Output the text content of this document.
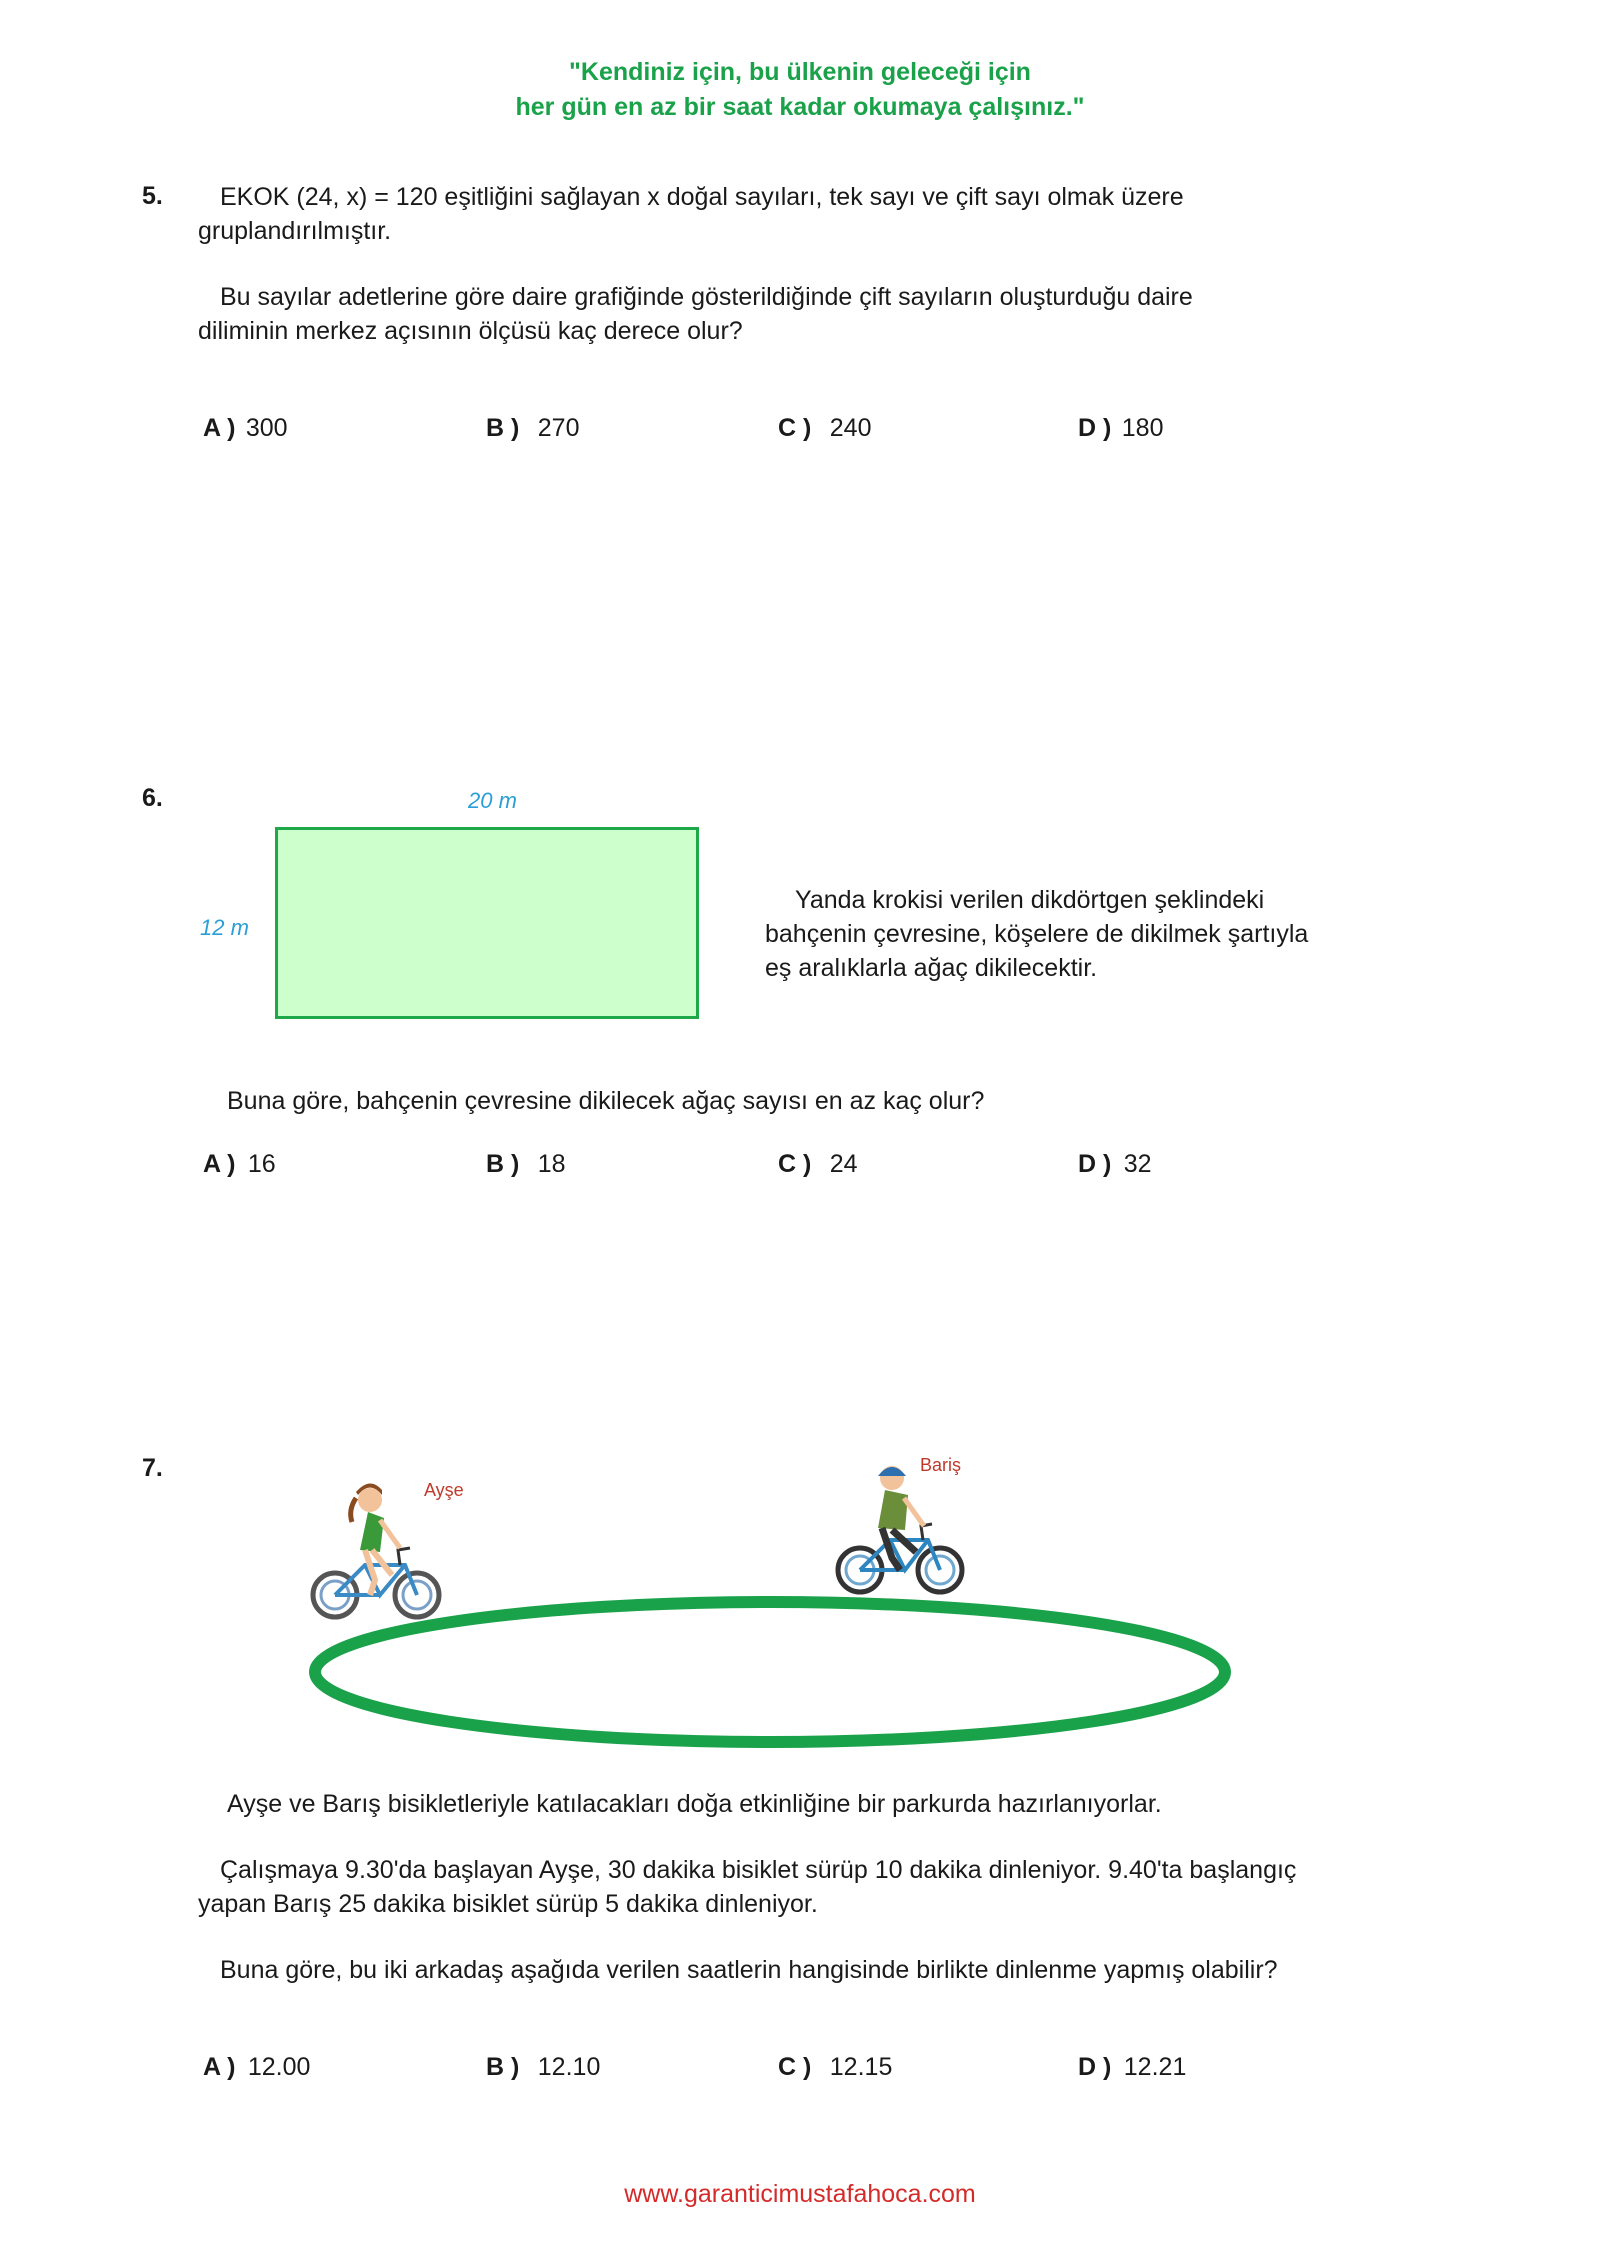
"Kendiniz için, bu ülkenin geleceği için
her gün en az bir saat kadar okumaya çalışınız."
5. EKOK (24, x) = 120 eşitliğini sağlayan x doğal sayıları, tek sayı ve çift sayı olmak üzere
gruplandırılmıştır.
Bu sayılar adetlerine göre daire grafiğinde gösterildiğinde çift sayıların oluşturduğu daire
diliminin merkez açısının ölçüsü kaç derece olur?
A ) 300	B ) 270	C ) 240	D ) 180
6.	20 m
12 m
Yanda krokisi verilen dikdörtgen şeklindeki
bahçenin çevresine, köşelere de dikilmek şartıyla
eş aralıklarla ağaç dikilecektir.
Buna göre, bahçenin çevresine dikilecek ağaç sayısı en az kaç olur?
A ) 16	B ) 18	C ) 24	D ) 32
7.
Ayşe
Bariş
Ayşe ve Barış bisikletleriyle katılacakları doğa etkinliğine bir parkurda hazırlanıyorlar.
Çalışmaya 9.30'da başlayan Ayşe, 30 dakika bisiklet sürüp 10 dakika dinleniyor. 9.40'ta başlangıç
yapan Barış 25 dakika bisiklet sürüp 5 dakika dinleniyor.
Buna göre, bu iki arkadaş aşağıda verilen saatlerin hangisinde birlikte dinlenme yapmış olabilir?
A ) 12.00	B ) 12.10	C ) 12.15	D ) 12.21
www.garanticimustafahoca.com
